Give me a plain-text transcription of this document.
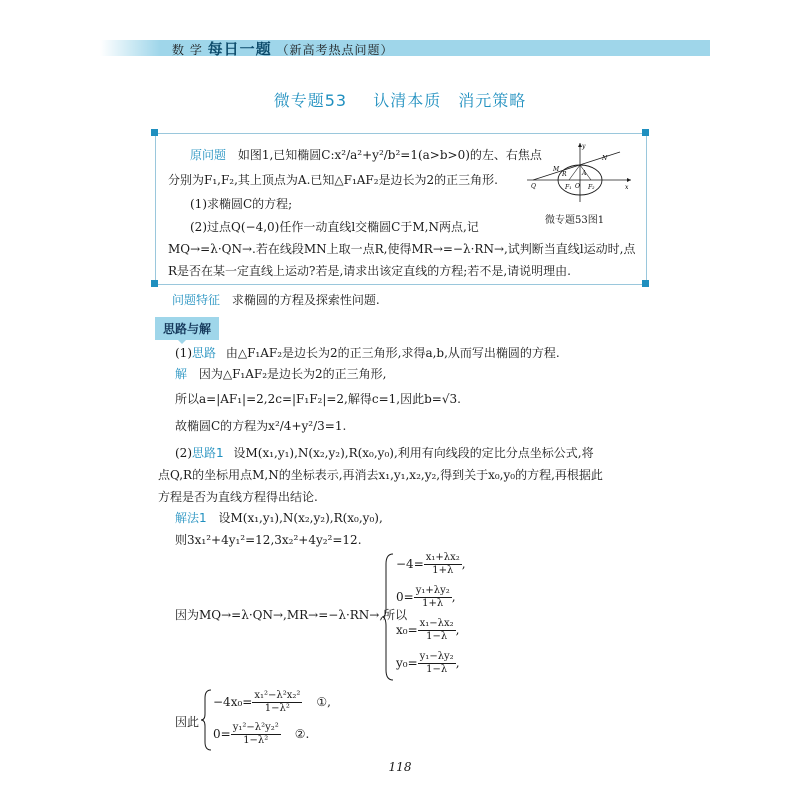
数 学 每日一题 （新高考热点问题）
微专题53 认清本质　消元策略
原问题 如图1,已知椭圆C:x²/a²+y²/b²=1(a>b>0)的左、右焦点
分别为F₁,F₂,其上顶点为A.已知△F₁AF₂是边长为2的正三角形.
(1)求椭圆C的方程;
(2)过点Q(−4,0)任作一动直线l交椭圆C于M,N两点,记
MQ→=λ·QN→.若在线段MN上取一点R,使得MR→=−λ·RN→,试判断当直线l运动时,点
R是否在某一定直线上运动?若是,请求出该定直线的方程;若不是,请说明理由.
y
x
A
O
M
R
N
Q	F₁	F₂
微专题53图1
问题特征 求椭圆的方程及探索性问题.
思路与解
(1)思路 由△F₁AF₂是边长为2的正三角形,求得a,b,从而写出椭圆的方程.
解 因为△F₁AF₂是边长为2的正三角形,
所以a=|AF₁|=2,2c=|F₁F₂|=2,解得c=1,因此b=√3.
故椭圆C的方程为x²/4+y²/3=1.
(2)思路1 设M(x₁,y₁),N(x₂,y₂),R(x₀,y₀),利用有向线段的定比分点坐标公式,将
点Q,R的坐标用点M,N的坐标表示,再消去x₁,y₁,x₂,y₂,得到关于x₀,y₀的方程,再根据此
方程是否为直线方程得出结论.
解法1 设M(x₁,y₁),N(x₂,y₂),R(x₀,y₀),
则3x₁²+4y₁²=12,3x₂²+4y₂²=12.
因为MQ→=λ·QN→,MR→=−λ·RN→,所以
$-4= \frac{\text{x₁+λx₂}}{1+\lambda}$ ,
$0= \frac{\text{y₁+λy₂}}{1+\lambda}$ ,
$x_0= \frac{\text{x₁−λx₂}}{1-\lambda}$ ,
$y_0= \frac{\text{y₁−λy₂}}{1-\lambda}$ ,
因此
$-4x_0= \frac{\text{x₁²−λ²x₂²}}{\text{1−λ²}}$ ①,
$0= \frac{\text{y₁²−λ²y₂²}}{\text{1−λ²}}$ ②.
118
